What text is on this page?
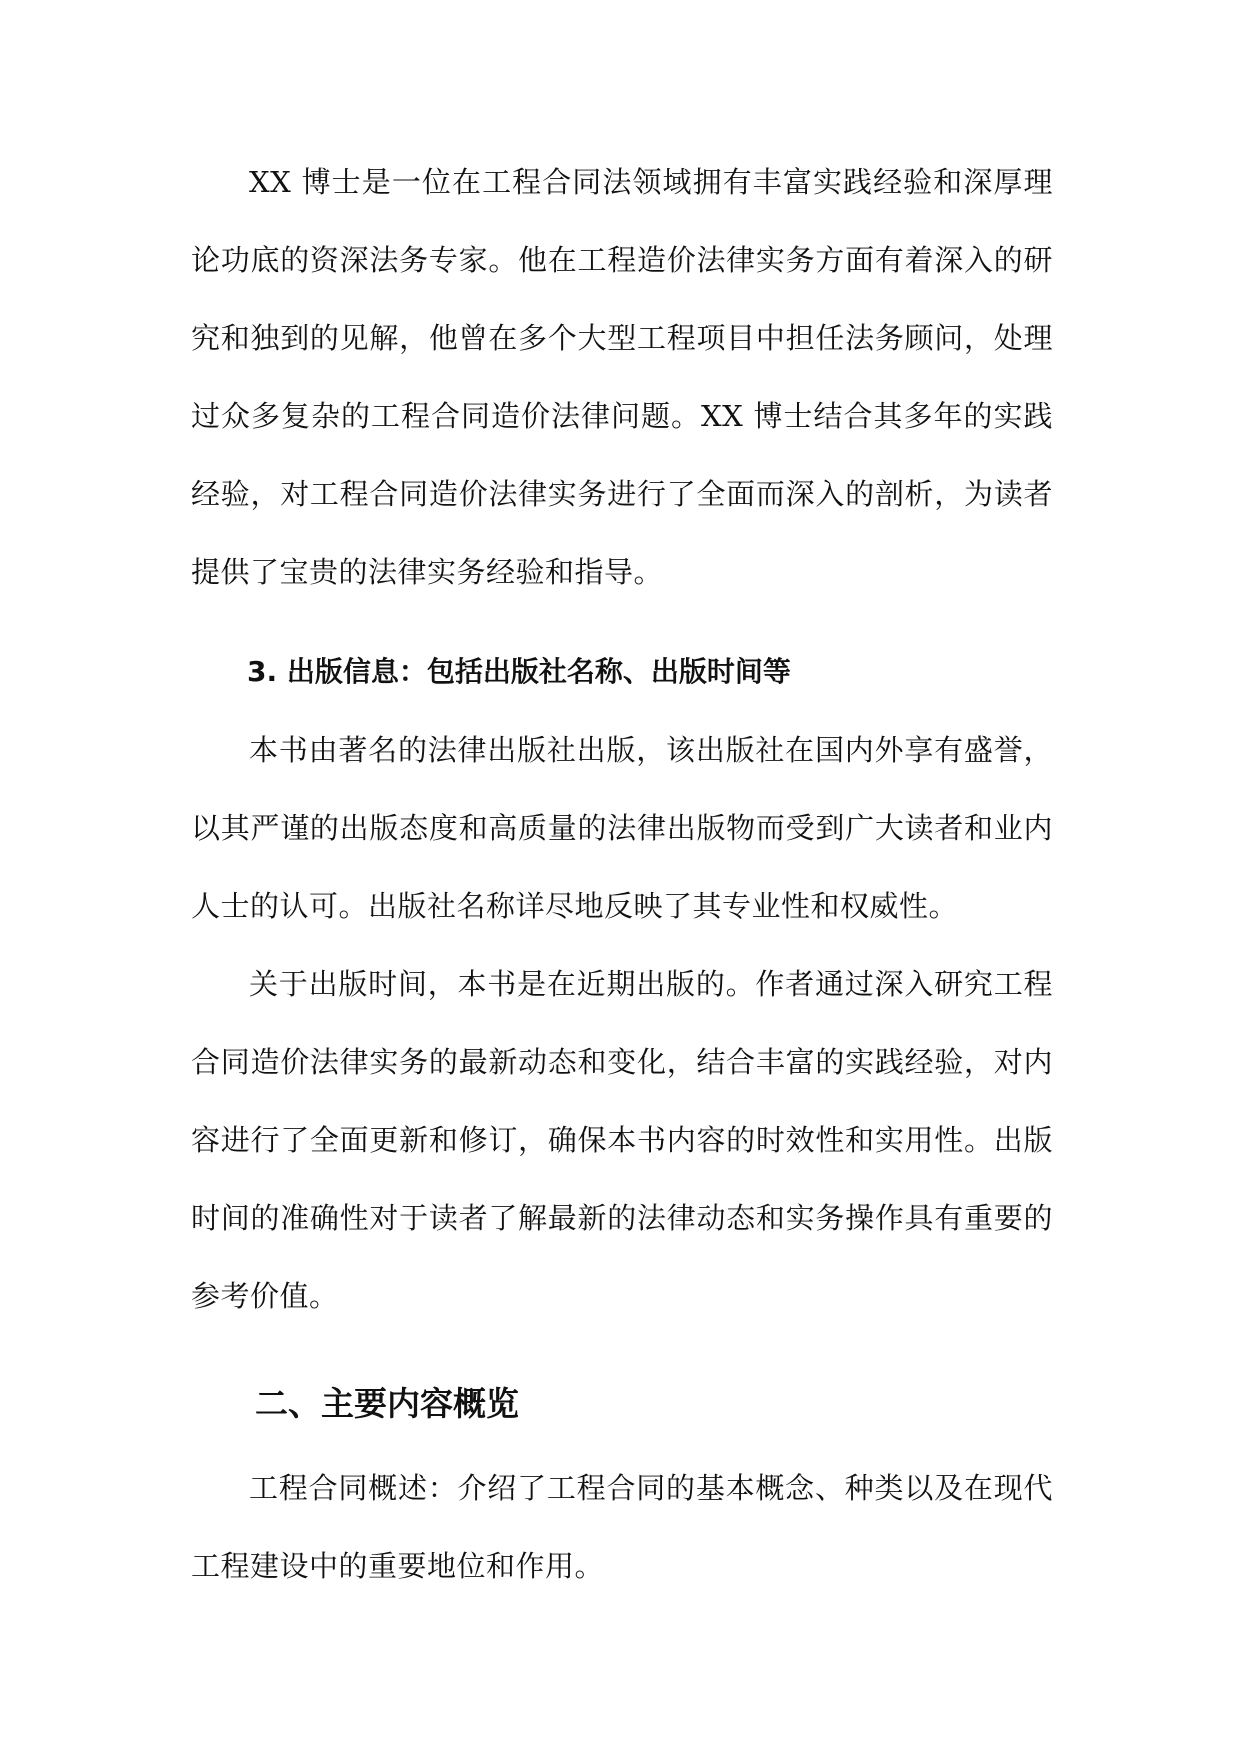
XX 博士是一位在工程合同法领域拥有丰富实践经验和深厚理论功底的资深法务专家。他在工程造价法律实务方面有着深入的研究和独到的见解，他曾在多个大型工程项目中担任法务顾问，处理过众多复杂的工程合同造价法律问题。XX 博士结合其多年的实践经验，对工程合同造价法律实务进行了全面而深入的剖析，为读者提供了宝贵的法律实务经验和指导。

3. 出版信息：包括出版社名称、出版时间等

本书由著名的法律出版社出版，该出版社在国内外享有盛誉，以其严谨的出版态度和高质量的法律出版物而受到广大读者和业内人士的认可。出版社名称详尽地反映了其专业性和权威性。

关于出版时间，本书是在近期出版的。作者通过深入研究工程合同造价法律实务的最新动态和变化，结合丰富的实践经验，对内容进行了全面更新和修订，确保本书内容的时效性和实用性。出版时间的准确性对于读者了解最新的法律动态和实务操作具有重要的参考价值。

二、主要内容概览

工程合同概述：介绍了工程合同的基本概念、种类以及在现代工程建设中的重要地位和作用。
